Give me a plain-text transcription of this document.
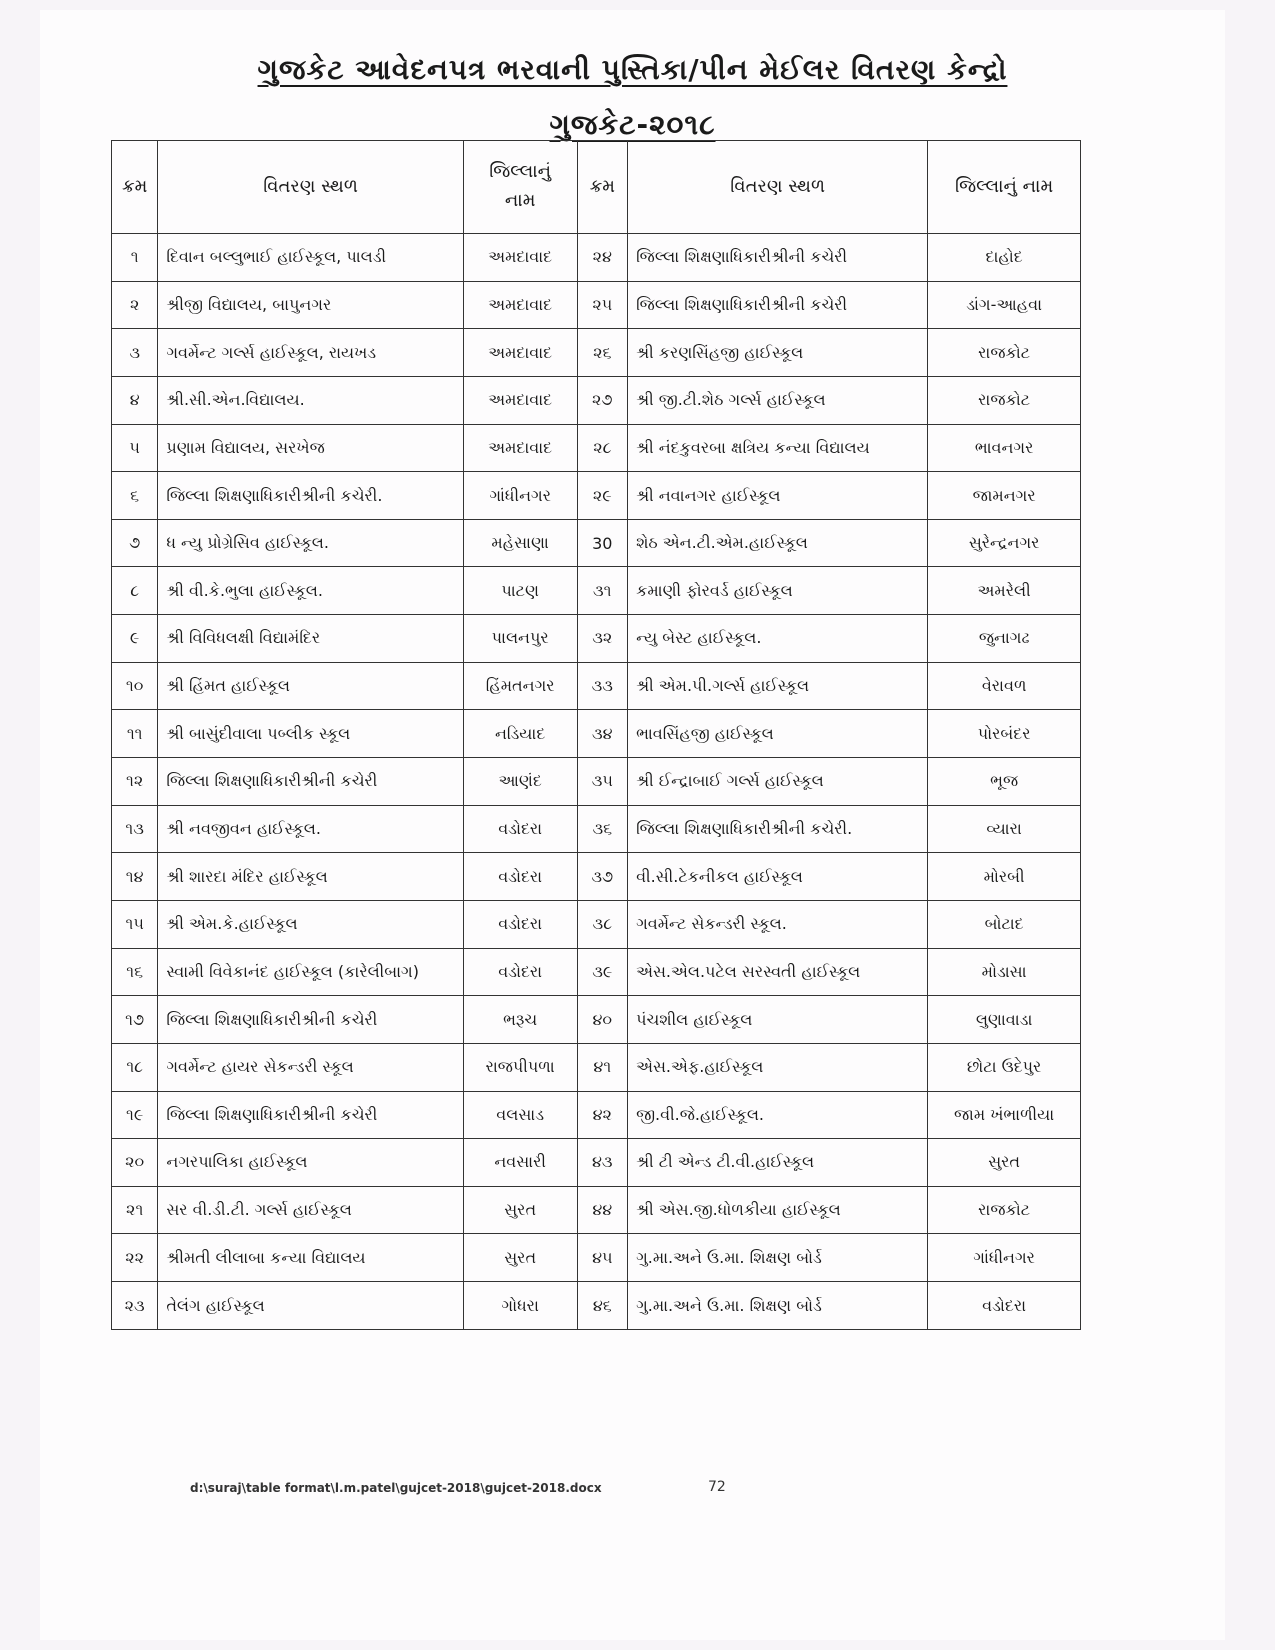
ગુજકેટ આવેદનપત્ર ભરવાની પુસ્તિકા/પીન મેઈલર વિતરણ કેન્દ્રો
ગુજકેટ-૨૦૧૮
d:\suraj\table format\l.m.patel\gujcet-2018\gujcet-2018.docx	72
ક્રમ	વિતરણ સ્થળ	જિલ્લાનું નામ	ક્રમ	વિતરણ સ્થળ	જિલ્લાનું નામ
૧	દિવાન બલ્લુભાઈ હાઈસ્કૂલ, પાલડી	અમદાવાદ	૨૪	જિલ્લા શિક્ષણાધિકારીશ્રીની કચેરી	દાહોદ
૨	શ્રીજી વિદ્યાલય, બાપુનગર	અમદાવાદ	૨૫	જિલ્લા શિક્ષણાધિકારીશ્રીની કચેરી	ડાંગ-આહવા
૩	ગવર્મેન્ટ ગર્લ્સ હાઈસ્કૂલ, રાયખડ	અમદાવાદ	૨૬	શ્રી કરણસિંહજી હાઈસ્કૂલ	રાજકોટ
૪	શ્રી.સી.એન.વિદ્યાલય.	અમદાવાદ	૨૭	શ્રી જી.ટી.શેઠ ગર્લ્સ હાઈસ્કૂલ	રાજકોટ
૫	પ્રણામ વિદ્યાલય, સરખેજ	અમદાવાદ	૨૮	શ્રી નંદકુવરબા ક્ષત્રિય કન્યા વિદ્યાલય	ભાવનગર
૬	જિલ્લા શિક્ષણાધિકારીશ્રીની કચેરી.	ગાંધીનગર	૨૯	શ્રી નવાનગર હાઈસ્કૂલ	જામનગર
૭	ધ ન્યુ પ્રોગ્રેસિવ હાઈસ્કૂલ.	મહેસાણા	30	શેઠ એન.ટી.એમ.હાઈસ્કૂલ	સુરેન્દ્રનગર
૮	શ્રી વી.કે.ભુલા હાઈસ્કૂલ.	પાટણ	૩૧	કમાણી ફોરવર્ડ હાઈસ્કૂલ	અમરેલી
૯	શ્રી વિવિધલક્ષી વિદ્યામંદિર	પાલનપુર	૩૨	ન્યુ બેસ્ટ હાઈસ્કૂલ.	જુનાગઢ
૧૦	શ્રી હિંમત હાઈસ્કૂલ	હિંમતનગર	૩૩	શ્રી એમ.પી.ગર્લ્સ હાઈસ્કૂલ	વેરાવળ
૧૧	શ્રી બાસુંદીવાલા પબ્લીક સ્કૂલ	નડિયાદ	૩૪	ભાવસિંહજી હાઈસ્કૂલ	પોરબંદર
૧૨	જિલ્લા શિક્ષણાધિકારીશ્રીની કચેરી	આણંદ	૩૫	શ્રી ઈન્દ્રાબાઈ ગર્લ્સ હાઈસ્કૂલ	ભૂજ
૧૩	શ્રી નવજીવન હાઈસ્કૂલ.	વડોદરા	૩૬	જિલ્લા શિક્ષણાધિકારીશ્રીની કચેરી.	વ્યારા
૧૪	શ્રી શારદા મંદિર હાઈસ્કૂલ	વડોદરા	૩૭	વી.સી.ટેકનીકલ હાઈસ્કૂલ	મોરબી
૧૫	શ્રી એમ.કે.હાઈસ્કૂલ	વડોદરા	૩૮	ગવર્મેન્ટ સેકન્ડરી સ્કૂલ.	બોટાદ
૧૬	સ્વામી વિવેકાનંદ હાઈસ્કૂલ (કારેલીબાગ)	વડોદરા	૩૯	એસ.એલ.પટેલ સરસ્વતી હાઈસ્કૂલ	મોડાસા
૧૭	જિલ્લા શિક્ષણાધિકારીશ્રીની કચેરી	ભરૂચ	૪૦	પંચશીલ હાઈસ્કૂલ	લુણાવાડા
૧૮	ગવર્મેન્ટ હાયર સેકન્ડરી સ્કૂલ	રાજપીપળા	૪૧	એસ.એફ.હાઈસ્કૂલ	છોટા ઉદેપુર
૧૯	જિલ્લા શિક્ષણાધિકારીશ્રીની કચેરી	વલસાડ	૪૨	જી.વી.જે.હાઈસ્કૂલ.	જામ ખંભાળીયા
૨૦	નગરપાલિકા હાઈસ્કૂલ	નવસારી	૪૩	શ્રી ટી એન્ડ ટી.વી.હાઈસ્કૂલ	સુરત
૨૧	સર વી.ડી.ટી. ગર્લ્સ હાઈસ્કૂલ	સુરત	૪૪	શ્રી એસ.જી.ધોળકીયા હાઈસ્કૂલ	રાજકોટ
૨૨	શ્રીમતી લીલાબા કન્યા વિદ્યાલય	સુરત	૪૫	ગુ.મા.અને ઉ.મા. શિક્ષણ બોર્ડ	ગાંધીનગર
૨૩	તેલંગ હાઈસ્કૂલ	ગોધરા	૪૬	ગુ.મા.અને ઉ.મા. શિક્ષણ બોર્ડ	વડોદરા
